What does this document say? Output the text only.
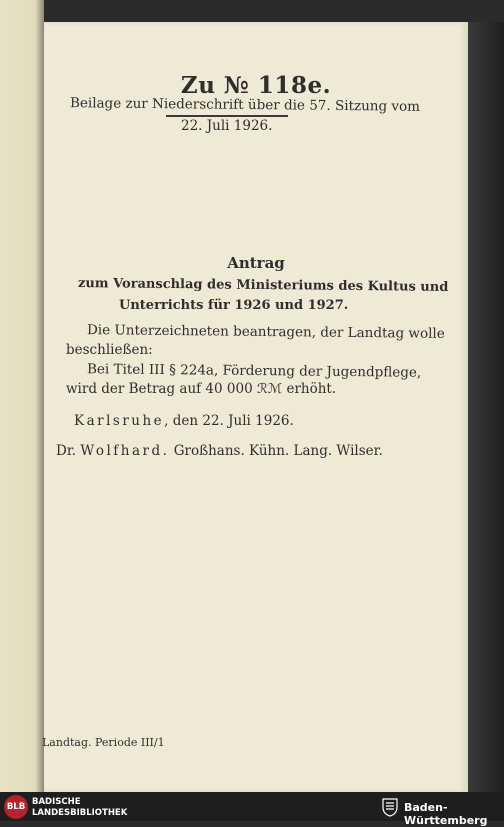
Zu № 118e.
Beilage zur Niederschrift über die 57. Sitzung vom
22. Juli 1926.
Antrag
zum Voranschlag des Ministeriums des Kultus und
Unterrichts für 1926 und 1927.
Die Unterzeichneten beantragen, der Landtag wolle
beschließen:
Bei Titel III § 224a, Förderung der Jugendpflege,
wird der Betrag auf 40 000 ℛℳ erhöht.
Karlsruhe, den 22. Juli 1926.
Dr. Wolfhard. Großhans. Kühn. Lang. Wilser.
Landtag. Periode III/1
BLB BADISCHE
LANDESBIBLIOTHEK	Baden-Württemberg
